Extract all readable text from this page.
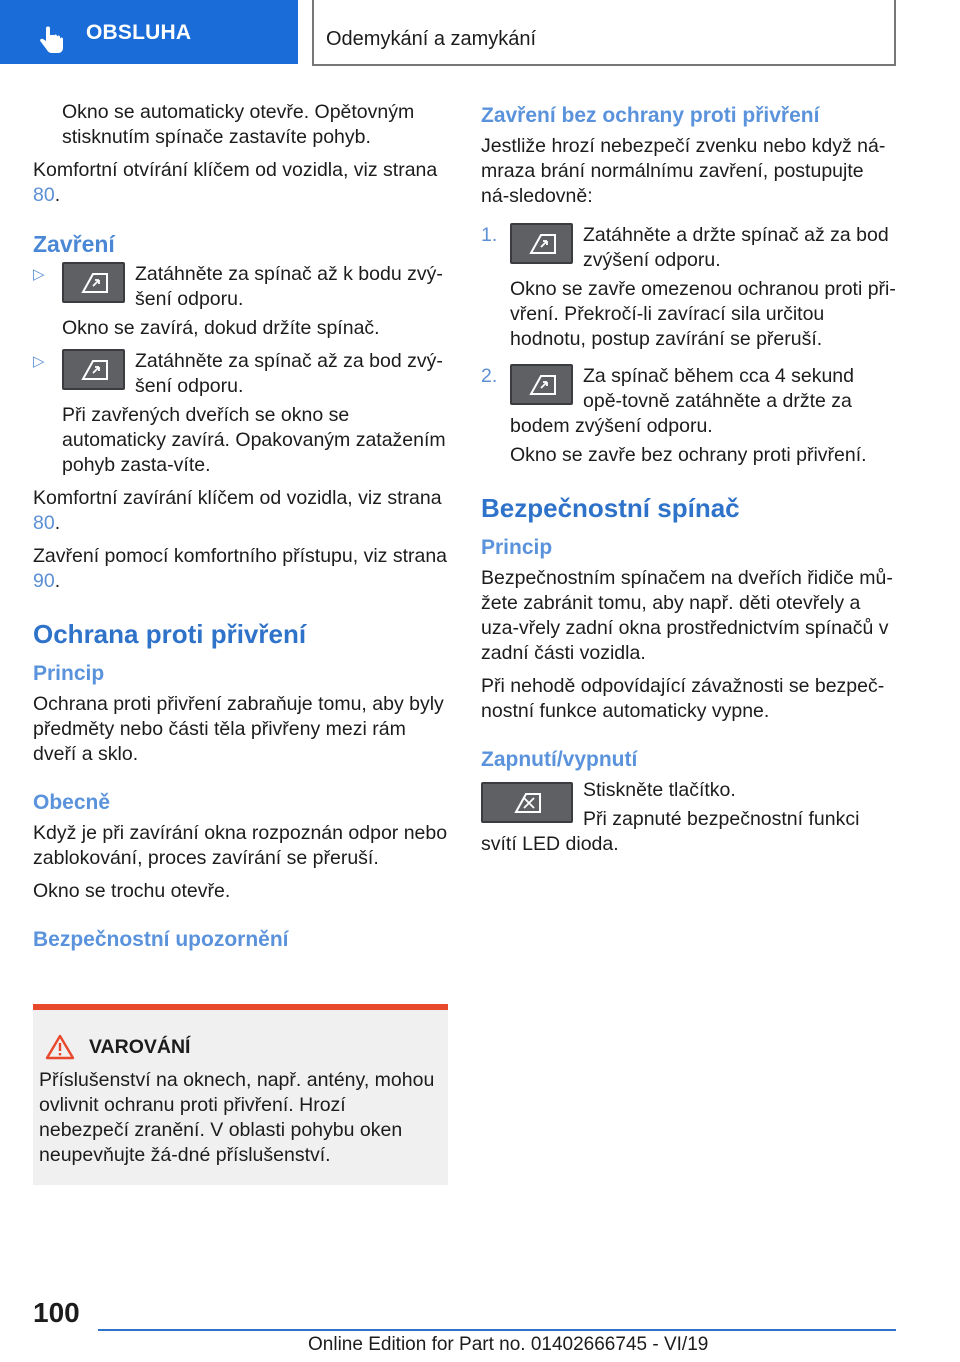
OBSLUHA	Odemykání a zamykání

Okno se automaticky otevře. Opětovným stisknutím spínače zastavíte pohyb.

Komfortní otvírání klíčem od vozidla, viz strana 80.

Zavření
▷	Zatáhněte za spínač až k bodu zvý‐šení odporu.

Okno se zavírá, dokud držíte spínač.

▷	Zatáhněte za spínač až za bod zvý‐šení odporu.

Při zavřených dveřích se okno se automaticky zavírá. Opakovaným zatažením pohyb zasta‐víte.

Komfortní zavírání klíčem od vozidla, viz strana 80.

Zavření pomocí komfortního přístupu, viz strana 90.

Ochrana proti přivření
Princip

Ochrana proti přivření zabraňuje tomu, aby byly předměty nebo části těla přivřeny mezi rám dveří a sklo.

Obecně

Když je při zavírání okna rozpoznán odpor nebo zablokování, proces zavírání se přeruší.

Okno se trochu otevře.

Bezpečnostní upozornění
VAROVÁNÍ

Příslušenství na oknech, např. antény, mohou ovlivnit ochranu proti přivření. Hrozí nebezpečí zranění. V oblasti pohybu oken neupevňujte žá‐dné příslušenství.

Zavření bez ochrany proti přivření

Jestliže hrozí nebezpečí zvenku nebo když ná‐mraza brání normálnímu zavření, postupujte ná‐sledovně:

1.	Zatáhněte a držte spínač až za bod zvýšení odporu.

Okno se zavře omezenou ochranou proti při‐vření. Překročí-li zavírací sila určitou hodnotu, postup zavírání se přeruší.

2.	Za spínač během cca 4 sekund opě‐tovně zatáhněte a držte za bodem zvýšení odporu.

Okno se zavře bez ochrany proti přivření.

Bezpečnostní spínač
Princip

Bezpečnostním spínačem na dveřích řidiče mů‐žete zabránit tomu, aby např. děti otevřely a uza‐vřely zadní okna prostřednictvím spínačů v zadní části vozidla.

Při nehodě odpovídající závažnosti se bezpeč‐nostní funkce automaticky vypne.

Zapnutí/vypnutí

Stiskněte tlačítko.

Při zapnuté bezpečnostní funkci svítí LED dioda.

100
Online Edition for Part no. 01402666745 - VI/19
